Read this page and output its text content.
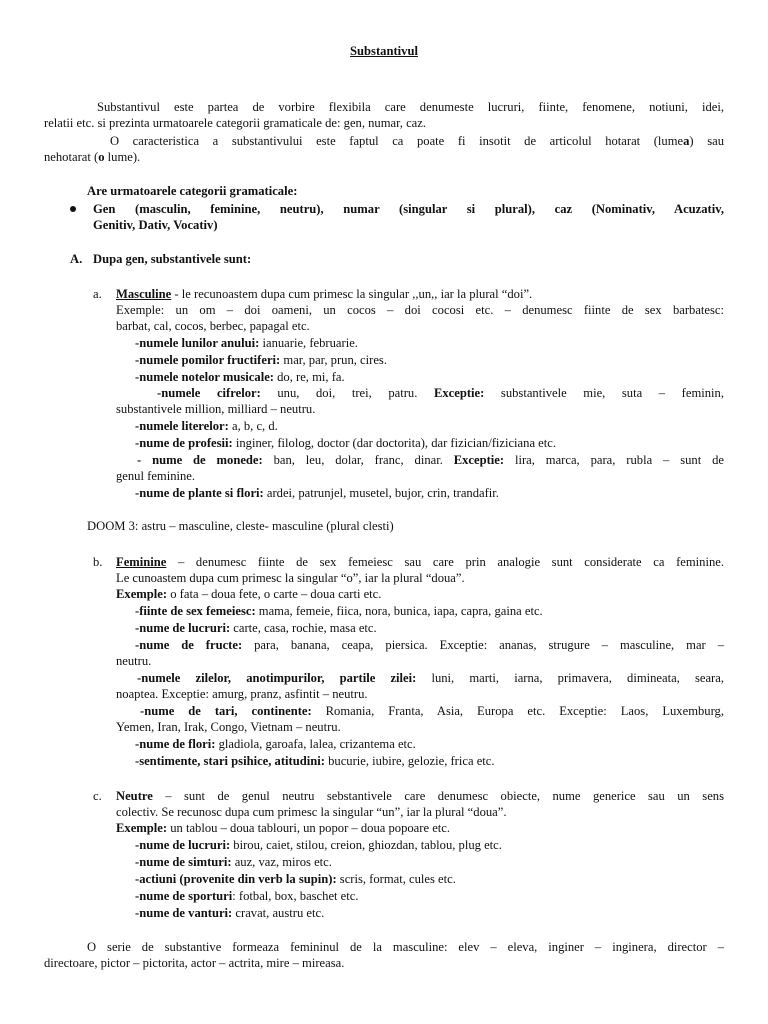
Substantivul
Substantivul este partea de vorbire flexibila care denumeste lucruri, fiinte, fenomene, notiuni, idei,
relatii etc. si prezinta urmatoarele categorii gramaticale de: gen, numar, caz.
O caracteristica a substantivului este faptul ca poate fi insotit de articolul hotarat (lumea) sau
nehotarat (o lume).
Are urmatoarele categorii gramaticale:
Gen (masculin, feminine, neutru), numar (singular si plural), caz (Nominativ, Acuzativ,
Genitiv, Dativ, Vocativ)
A. Dupa gen, substantivele sunt:
a. Masculine - le recunoastem dupa cum primesc la singular ,,un,, iar la plural “doi”.
Exemple: un om – doi oameni, un cocos – doi cocosi etc. – denumesc fiinte de sex barbatesc:
barbat, cal, cocos, berbec, papagal etc.
-numele lunilor anului: ianuarie, februarie.
-numele pomilor fructiferi: mar, par, prun, cires.
-numele notelor musicale: do, re, mi, fa.
-numele cifrelor: unu, doi, trei, patru. Exceptie: substantivele mie, suta – feminin,
substantivele million, milliard – neutru.
-numele literelor: a, b, c, d.
-nume de profesii: inginer, filolog, doctor (dar doctorita), dar fizician/fiziciana etc.
- nume de monede: ban, leu, dolar, franc, dinar. Exceptie: lira, marca, para, rubla – sunt de
genul feminine.
-nume de plante si flori: ardei, patrunjel, musetel, bujor, crin, trandafir.
DOOM 3: astru – masculine, cleste- masculine (plural clesti)
b. Feminine – denumesc fiinte de sex femeiesc sau care prin analogie sunt considerate ca feminine.
Le cunoastem dupa cum primesc la singular “o”, iar la plural “doua”.
Exemple: o fata – doua fete, o carte – doua carti etc.
-fiinte de sex femeiesc: mama, femeie, fiica, nora, bunica, iapa, capra, gaina etc.
-nume de lucruri: carte, casa, rochie, masa etc.
-nume de fructe: para, banana, ceapa, piersica. Exceptie: ananas, strugure – masculine, mar –
neutru.
-numele zilelor, anotimpurilor, partile zilei: luni, marti, iarna, primavera, dimineata, seara,
noaptea. Exceptie: amurg, pranz, asfintit – neutru.
-nume de tari, continente: Romania, Franta, Asia, Europa etc. Exceptie: Laos, Luxemburg,
Yemen, Iran, Irak, Congo, Vietnam – neutru.
-nume de flori: gladiola, garoafa, lalea, crizantema etc.
-sentimente, stari psihice, atitudini: bucurie, iubire, gelozie, frica etc.
c. Neutre – sunt de genul neutru sebstantivele care denumesc obiecte, nume generice sau un sens
colectiv. Se recunosc dupa cum primesc la singular “un”, iar la plural “doua”.
Exemple: un tablou – doua tablouri, un popor – doua popoare etc.
-nume de lucruri: birou, caiet, stilou, creion, ghiozdan, tablou, plug etc.
-nume de simturi: auz, vaz, miros etc.
-actiuni (provenite din verb la supin): scris, format, cules etc.
-nume de sporturi: fotbal, box, baschet etc.
-nume de vanturi: cravat, austru etc.
O serie de substantive formeaza femininul de la masculine: elev – eleva, inginer – inginera, director –
directoare, pictor – pictorita, actor – actrita, mire – mireasa.
